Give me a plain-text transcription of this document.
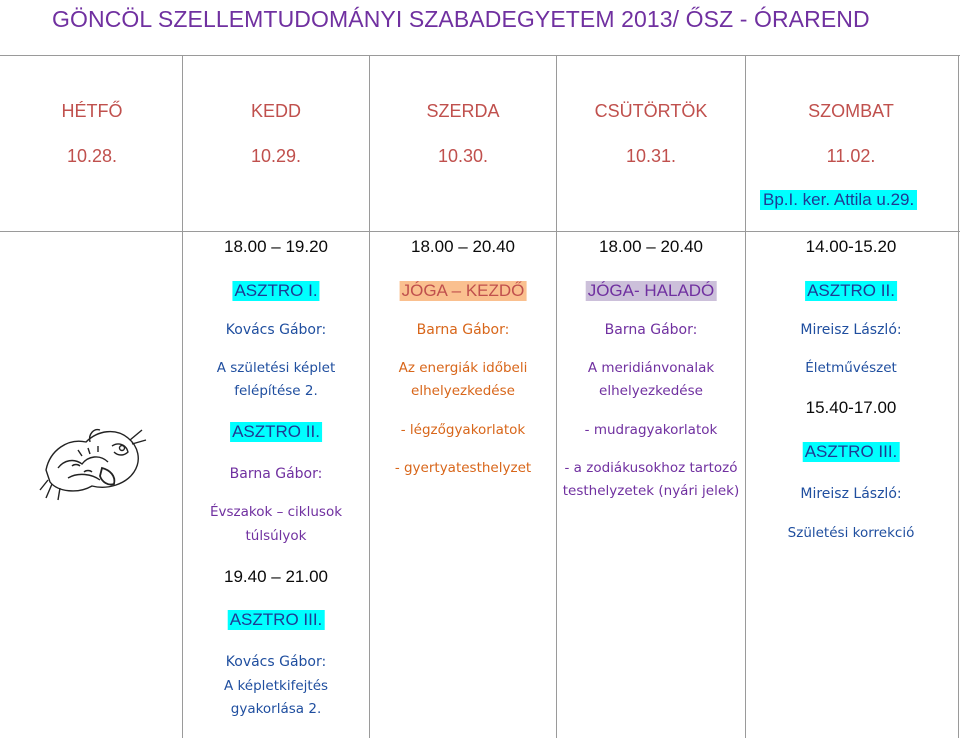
GÖNCÖL SZELLEMTUDOMÁNYI SZABADEGYETEM 2013/ ŐSZ - ÓRAREND
HÉTFŐ
10.28.
KEDD
10.29.
SZERDA
10.30.
CSÜTÖRTÖK
10.31.
SZOMBAT
11.02.
Bp.I. ker. Attila u.29.
18.00 – 19.20
ASZTRO I.
Kovács Gábor:
A születési képlet
felépítése 2.
ASZTRO II.
Barna Gábor:
Évszakok – ciklusok
túlsúlyok
19.40 – 21.00
ASZTRO III.
Kovács Gábor:
A képletkifejtés
gyakorlása 2.
18.00 – 20.40
JÓGA – KEZDŐ
Barna Gábor:
Az energiák időbeli
elhelyezkedése
- légzőgyakorlatok
- gyertyatesthelyzet
18.00 – 20.40
JÓGA- HALADÓ
Barna Gábor:
A meridiánvonalak
elhelyezkedése
- mudragyakorlatok
- a zodiákusokhoz tartozó
testhelyzetek (nyári jelek)
14.00-15.20
ASZTRO II.
Mireisz László:
Életművészet
15.40-17.00
ASZTRO III.
Mireisz László:
Születési korrekció
